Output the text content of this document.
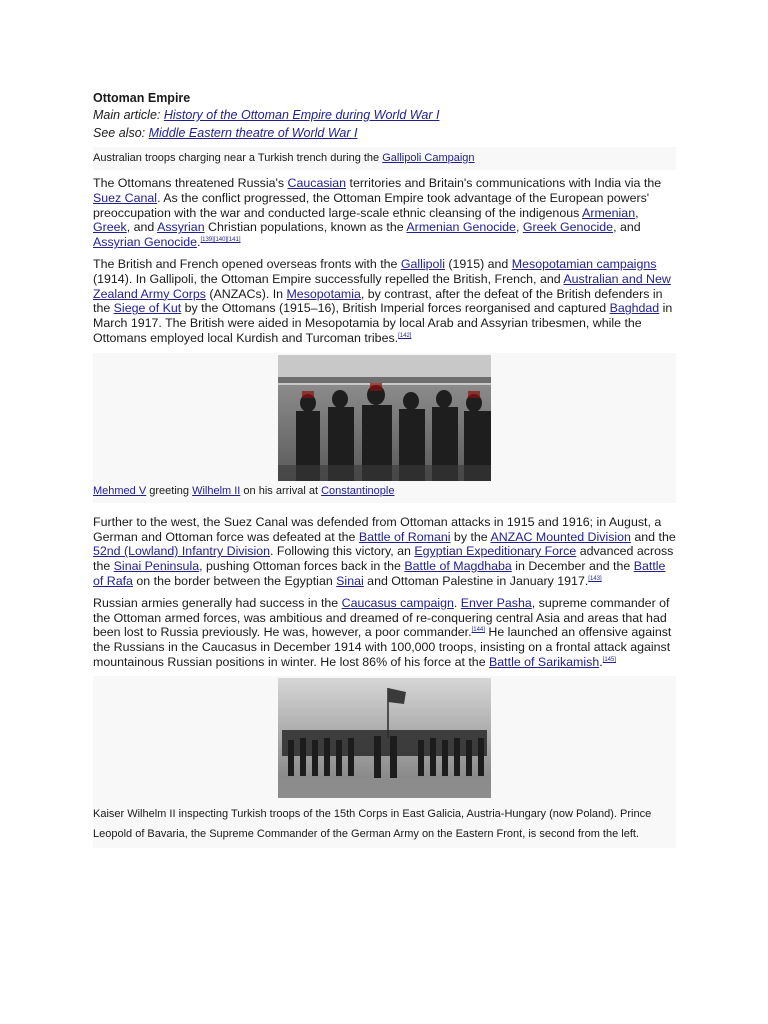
Ottoman Empire

Main article: History of the Ottoman Empire during World War I

See also: Middle Eastern theatre of World War I

Australian troops charging near a Turkish trench during the Gallipoli Campaign

The Ottomans threatened Russia's Caucasian territories and Britain's communications with India via the Suez Canal. As the conflict progressed, the Ottoman Empire took advantage of the European powers' preoccupation with the war and conducted large-scale ethnic cleansing of the indigenous Armenian, Greek, and Assyrian Christian populations, known as the Armenian Genocide, Greek Genocide, and Assyrian Genocide.[139][140][141]

The British and French opened overseas fronts with the Gallipoli (1915) and Mesopotamian campaigns (1914). In Gallipoli, the Ottoman Empire successfully repelled the British, French, and Australian and New Zealand Army Corps (ANZACs). In Mesopotamia, by contrast, after the defeat of the British defenders in the Siege of Kut by the Ottomans (1915–16), British Imperial forces reorganised and captured Baghdad in March 1917. The British were aided in Mesopotamia by local Arab and Assyrian tribesmen, while the Ottomans employed local Kurdish and Turcoman tribes.[142]

Mehmed V greeting Wilhelm II on his arrival at Constantinople

Further to the west, the Suez Canal was defended from Ottoman attacks in 1915 and 1916; in August, a German and Ottoman force was defeated at the Battle of Romani by the ANZAC Mounted Division and the 52nd (Lowland) Infantry Division. Following this victory, an Egyptian Expeditionary Force advanced across the Sinai Peninsula, pushing Ottoman forces back in the Battle of Magdhaba in December and the Battle of Rafa on the border between the Egyptian Sinai and Ottoman Palestine in January 1917.[143]

Russian armies generally had success in the Caucasus campaign. Enver Pasha, supreme commander of the Ottoman armed forces, was ambitious and dreamed of re-conquering central Asia and areas that had been lost to Russia previously. He was, however, a poor commander.[144] He launched an offensive against the Russians in the Caucasus in December 1914 with 100,000 troops, insisting on a frontal attack against mountainous Russian positions in winter. He lost 86% of his force at the Battle of Sarikamish.[145]

Kaiser Wilhelm II inspecting Turkish troops of the 15th Corps in East Galicia, Austria-Hungary (now Poland). Prince Leopold of Bavaria, the Supreme Commander of the German Army on the Eastern Front, is second from the left.
